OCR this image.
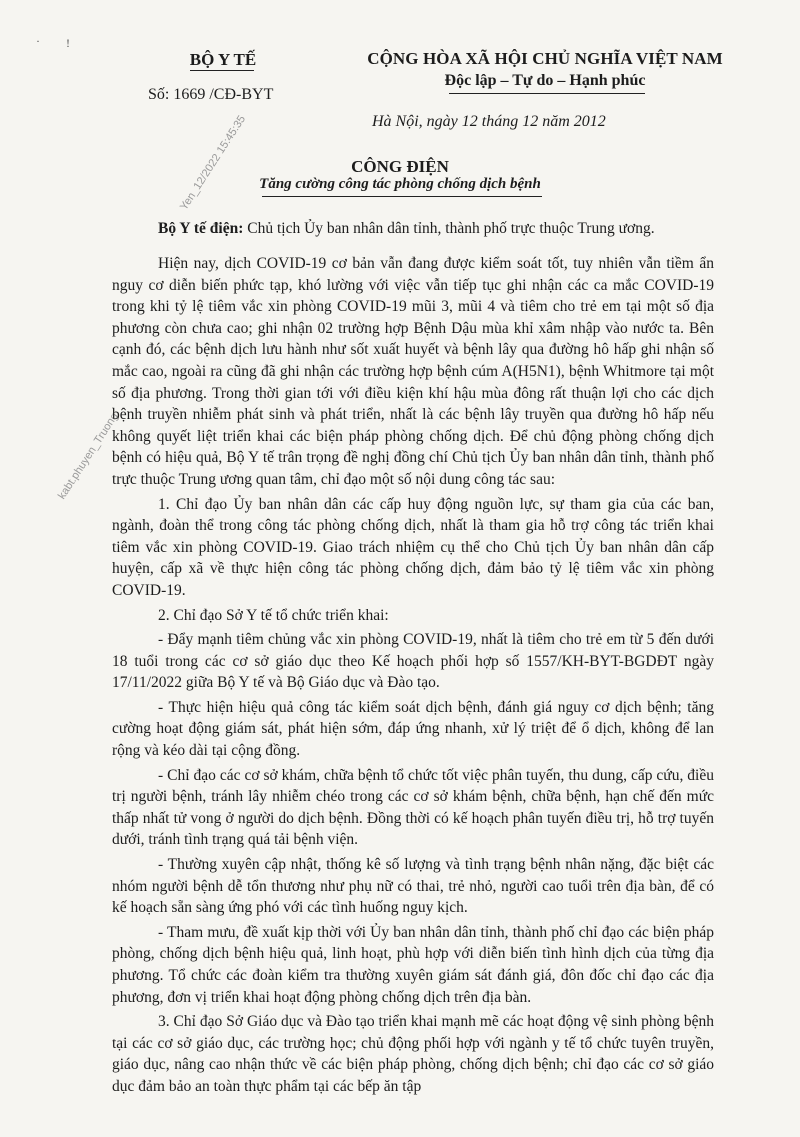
· !
BỘ Y TẾ
Số: 1669 /CĐ-BYT
CỘNG HÒA XÃ HỘI CHỦ NGHĨA VIỆT NAM
Độc lập – Tự do – Hạnh phúc
Hà Nội, ngày 12 tháng 12 năm 2012
CÔNG ĐIỆN
Tăng cường công tác phòng chống dịch bệnh
Yen_12/2022 15:45:35
kabt.phuyen_Truong
Bộ Y tế điện: Chủ tịch Ủy ban nhân dân tỉnh, thành phố trực thuộc Trung ương.

Hiện nay, dịch COVID-19 cơ bản vẫn đang được kiểm soát tốt, tuy nhiên vẫn tiềm ẩn nguy cơ diễn biến phức tạp, khó lường với việc vẫn tiếp tục ghi nhận các ca mắc COVID-19 trong khi tỷ lệ tiêm vắc xin phòng COVID-19 mũi 3, mũi 4 và tiêm cho trẻ em tại một số địa phương còn chưa cao; ghi nhận 02 trường hợp Bệnh Dậu mùa khỉ xâm nhập vào nước ta. Bên cạnh đó, các bệnh dịch lưu hành như sốt xuất huyết và bệnh lây qua đường hô hấp ghi nhận số mắc cao, ngoài ra cũng đã ghi nhận các trường hợp bệnh cúm A(H5N1), bệnh Whitmore tại một số địa phương. Trong thời gian tới với điều kiện khí hậu mùa đông rất thuận lợi cho các dịch bệnh truyền nhiễm phát sinh và phát triển, nhất là các bệnh lây truyền qua đường hô hấp nếu không quyết liệt triển khai các biện pháp phòng chống dịch. Để chủ động phòng chống dịch bệnh có hiệu quả, Bộ Y tế trân trọng đề nghị đồng chí Chủ tịch Ủy ban nhân dân tỉnh, thành phố trực thuộc Trung ương quan tâm, chỉ đạo một số nội dung công tác sau:

1. Chỉ đạo Ủy ban nhân dân các cấp huy động nguồn lực, sự tham gia của các ban, ngành, đoàn thể trong công tác phòng chống dịch, nhất là tham gia hỗ trợ công tác triển khai tiêm vắc xin phòng COVID-19. Giao trách nhiệm cụ thể cho Chủ tịch Ủy ban nhân dân cấp huyện, cấp xã về thực hiện công tác phòng chống dịch, đảm bảo tỷ lệ tiêm vắc xin phòng COVID-19.

2. Chỉ đạo Sở Y tế tổ chức triển khai:

- Đẩy mạnh tiêm chủng vắc xin phòng COVID-19, nhất là tiêm cho trẻ em từ 5 đến dưới 18 tuổi trong các cơ sở giáo dục theo Kế hoạch phối hợp số 1557/KH-BYT-BGDĐT ngày 17/11/2022 giữa Bộ Y tế và Bộ Giáo dục và Đào tạo.

- Thực hiện hiệu quả công tác kiểm soát dịch bệnh, đánh giá nguy cơ dịch bệnh; tăng cường hoạt động giám sát, phát hiện sớm, đáp ứng nhanh, xử lý triệt để ổ dịch, không để lan rộng và kéo dài tại cộng đồng.

- Chỉ đạo các cơ sở khám, chữa bệnh tổ chức tốt việc phân tuyến, thu dung, cấp cứu, điều trị người bệnh, tránh lây nhiễm chéo trong các cơ sở khám bệnh, chữa bệnh, hạn chế đến mức thấp nhất tử vong ở người do dịch bệnh. Đồng thời có kế hoạch phân tuyến điều trị, hỗ trợ tuyến dưới, tránh tình trạng quá tải bệnh viện.

- Thường xuyên cập nhật, thống kê số lượng và tình trạng bệnh nhân nặng, đặc biệt các nhóm người bệnh dễ tổn thương như phụ nữ có thai, trẻ nhỏ, người cao tuổi trên địa bàn, để có kế hoạch sẵn sàng ứng phó với các tình huống nguy kịch.

- Tham mưu, đề xuất kịp thời với Ủy ban nhân dân tỉnh, thành phố chỉ đạo các biện pháp phòng, chống dịch bệnh hiệu quả, linh hoạt, phù hợp với diễn biến tình hình dịch của từng địa phương. Tổ chức các đoàn kiểm tra thường xuyên giám sát đánh giá, đôn đốc chỉ đạo các địa phương, đơn vị triển khai hoạt động phòng chống dịch trên địa bàn.

3. Chỉ đạo Sở Giáo dục và Đào tạo triển khai mạnh mẽ các hoạt động vệ sinh phòng bệnh tại các cơ sở giáo dục, các trường học; chủ động phối hợp với ngành y tế tổ chức tuyên truyền, giáo dục, nâng cao nhận thức về các biện pháp phòng, chống dịch bệnh; chỉ đạo các cơ sở giáo dục đảm bảo an toàn thực phẩm tại các bếp ăn tập
